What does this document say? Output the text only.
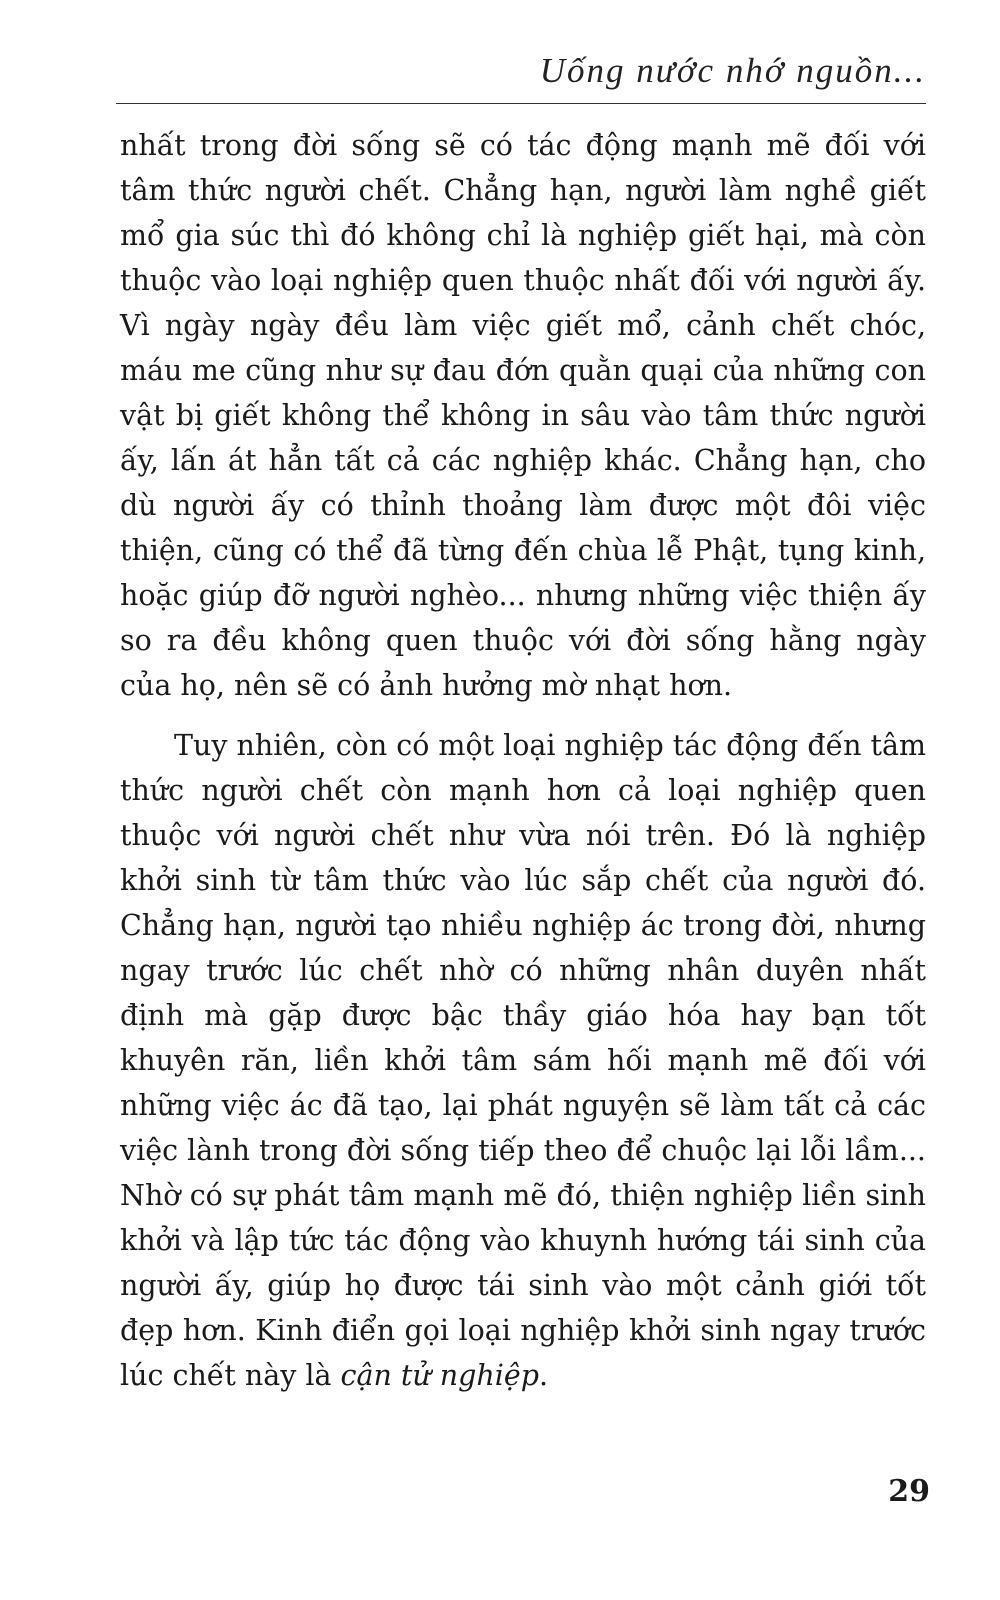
Uống nước nhớ nguồn...

nhất trong đời sống sẽ có tác động mạnh mẽ đối với tâm thức người chết. Chẳng hạn, người làm nghề giết mổ gia súc thì đó không chỉ là nghiệp giết hại, mà còn thuộc vào loại nghiệp quen thuộc nhất đối với người ấy. Vì ngày ngày đều làm việc giết mổ, cảnh chết chóc, máu me cũng như sự đau đớn quằn quại của những con vật bị giết không thể không in sâu vào tâm thức người ấy, lấn át hẳn tất cả các nghiệp khác. Chẳng hạn, cho dù người ấy có thỉnh thoảng làm được một đôi việc thiện, cũng có thể đã từng đến chùa lễ Phật, tụng kinh, hoặc giúp đỡ người nghèo... nhưng những việc thiện ấy so ra đều không quen thuộc với đời sống hằng ngày của họ, nên sẽ có ảnh hưởng mờ nhạt hơn.

Tuy nhiên, còn có một loại nghiệp tác động đến tâm thức người chết còn mạnh hơn cả loại nghiệp quen thuộc với người chết như vừa nói trên. Đó là nghiệp khởi sinh từ tâm thức vào lúc sắp chết của người đó. Chẳng hạn, người tạo nhiều nghiệp ác trong đời, nhưng ngay trước lúc chết nhờ có những nhân duyên nhất định mà gặp được bậc thầy giáo hóa hay bạn tốt khuyên răn, liền khởi tâm sám hối mạnh mẽ đối với những việc ác đã tạo, lại phát nguyện sẽ làm tất cả các việc lành trong đời sống tiếp theo để chuộc lại lỗi lầm... Nhờ có sự phát tâm mạnh mẽ đó, thiện nghiệp liền sinh khởi và lập tức tác động vào khuynh hướng tái sinh của người ấy, giúp họ được tái sinh vào một cảnh giới tốt đẹp hơn. Kinh điển gọi loại nghiệp khởi sinh ngay trước lúc chết này là cận tử nghiệp.

29
